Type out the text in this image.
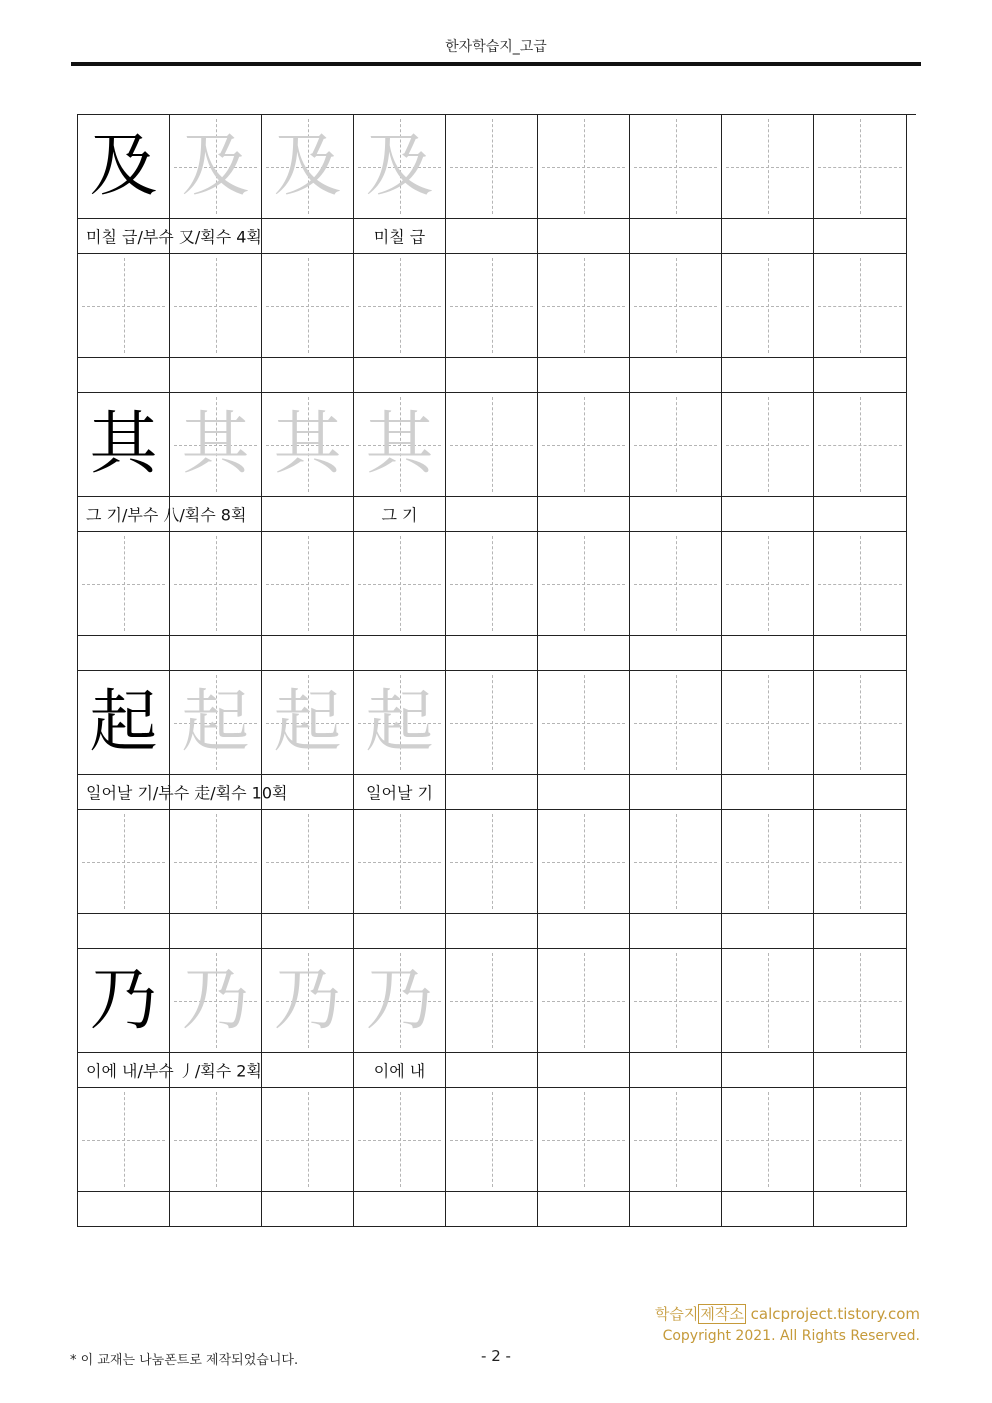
한자학습지_고급
及 及 及 及
미칠 급/부수 又/획수 4획	미칠 급
其 其 其 其
그 기/부수 八/획수 8획	그 기
起 起 起 起
일어날 기/부수 走/획수 10획	일어날 기
乃 乃 乃 乃
이에 내/부수 丿/획수 2획	이에 내
* 이 교재는 나눔폰트로 제작되었습니다.	- 2 -
학습지 제작소 calcproject.tistory.com
Copyright 2021. All Rights Reserved.
